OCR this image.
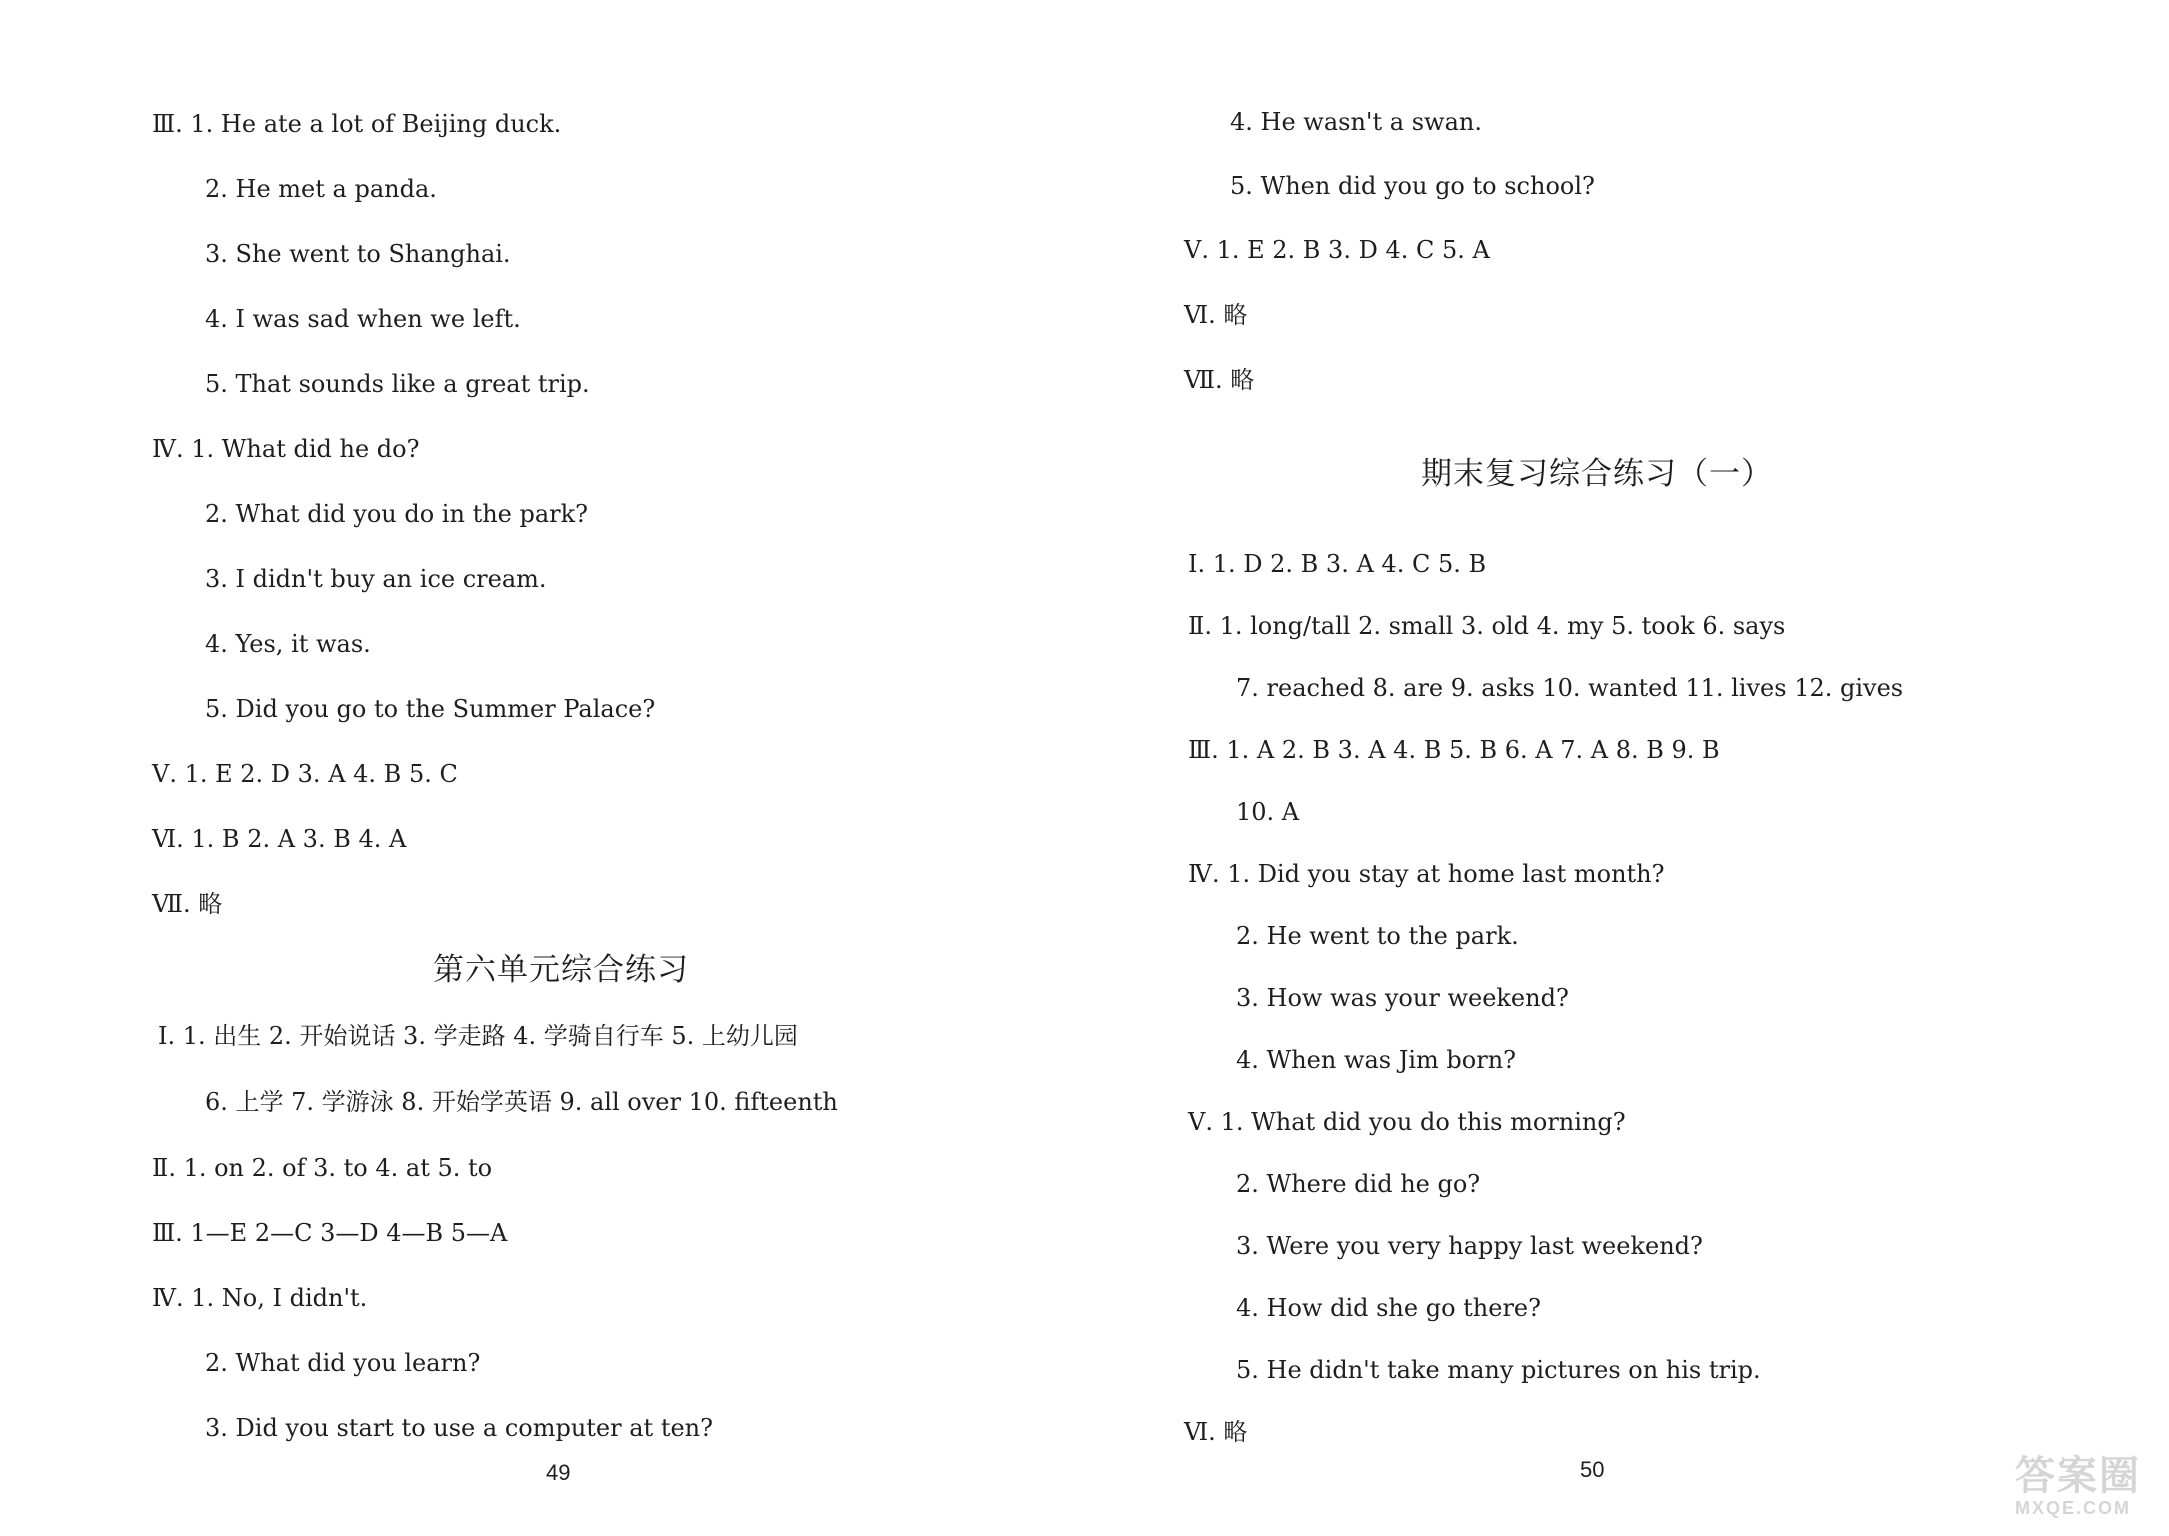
Ⅲ. 1. He ate a lot of Beijing duck.
2. He met a panda.
3. She went to Shanghai.
4. I was sad when we left.
5. That sounds like a great trip.
Ⅳ. 1. What did he do?
2. What did you do in the park?
3. I didn't buy an ice cream.
4. Yes, it was.
5. Did you go to the Summer Palace?
Ⅴ. 1. E 2. D 3. A 4. B 5. C
Ⅵ. 1. B 2. A 3. B 4. A
Ⅶ. 略
第六单元综合练习
Ⅰ. 1. 出生 2. 开始说话 3. 学走路 4. 学骑自行车 5. 上幼儿园
6. 上学 7. 学游泳 8. 开始学英语 9. all over 10. fifteenth
Ⅱ. 1. on 2. of 3. to 4. at 5. to
Ⅲ. 1—E 2—C 3—D 4—B 5—A
Ⅳ. 1. No, I didn't.
2. What did you learn?
3. Did you start to use a computer at ten?
49
4. He wasn't a swan.
5. When did you go to school?
Ⅴ. 1. E 2. B 3. D 4. C 5. A
Ⅵ. 略
Ⅶ. 略
期末复习综合练习（一）
Ⅰ. 1. D 2. B 3. A 4. C 5. B
Ⅱ. 1. long/tall 2. small 3. old 4. my 5. took 6. says
7. reached 8. are 9. asks 10. wanted 11. lives 12. gives
Ⅲ. 1. A 2. B 3. A 4. B 5. B 6. A 7. A 8. B 9. B
10. A
Ⅳ. 1. Did you stay at home last month?
2. He went to the park.
3. How was your weekend?
4. When was Jim born?
Ⅴ. 1. What did you do this morning?
2. Where did he go?
3. Were you very happy last weekend?
4. How did she go there?
5. He didn't take many pictures on his trip.
Ⅵ. 略
50	答案圈
MXQE.COM
